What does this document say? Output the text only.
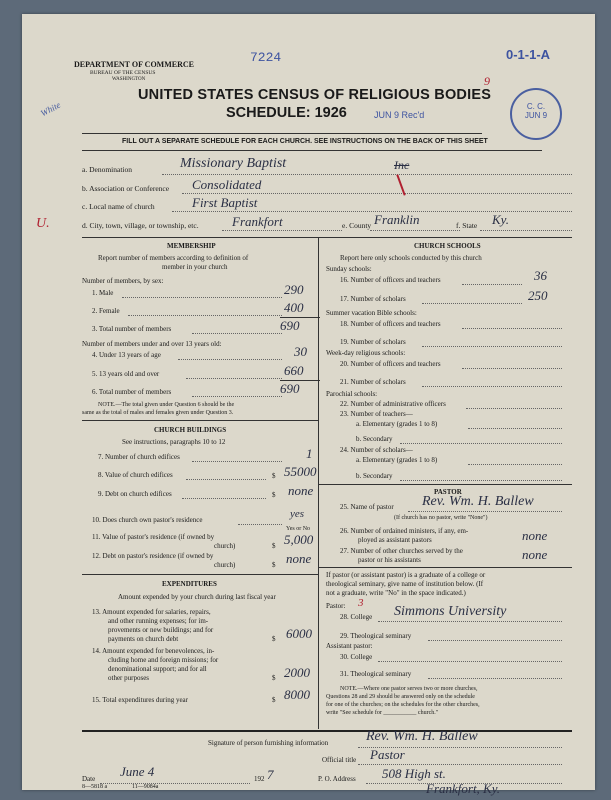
DEPARTMENT OF COMMERCE
BUREAU OF THE CENSUS
WASHINGTON
White
7224	0-1-1-A
9
UNITED STATES CENSUS OF RELIGIOUS BODIES
SCHEDULE: 1926	JUN 9 Rec'd
C. C.
JUN 9
FILL OUT A SEPARATE SCHEDULE FOR EACH CHURCH. SEE INSTRUCTIONS ON THE BACK OF THIS SHEET
a. Denomination	Missionary Baptist	Inc
b. Association or Conference Consolidated
c. Local name of church	First Baptist
U.	d. City, town, village, or township, etc.	Frankfort	e. County Franklin	f. State Ky.
MEMBERSHIP
Report number of members according to definition of
member in your church
Number of members, by sex:
1. Male	290
2. Female	400
3. Total number of members	690
Number of members under and over 13 years old:
4. Under 13 years of age	30
5. 13 years old and over	660
6. Total number of members	690
NOTE.—The total given under Question 6 should be the
same as the total of males and females given under Question 3.
CHURCH BUILDINGS
See instructions, paragraphs 10 to 12
7. Number of church edifices	1
8. Value of church edifices	$ 55000
9. Debt on church edifices	$ none
10. Does church own pastor's residence	yes
Yes or No
11. Value of pastor's residence (if owned by
church)	$ 5,000
12. Debt on pastor's residence (if owned by
church)	$ none
EXPENDITURES
Amount expended by your church during last fiscal year
13. Amount expended for salaries, repairs,
and other running expenses; for im-
provements or new buildings; and for
payments on church debt	$ 6000
14. Amount expended for benevolences, in-
cluding home and foreign missions; for
denominational support; and for all
other purposes	$ 2000
15. Total expenditures during year	$ 8000
CHURCH SCHOOLS
Report here only schools conducted by this church
Sunday schools:
16. Number of officers and teachers	36
17. Number of scholars	250
Summer vacation Bible schools:
18. Number of officers and teachers
19. Number of scholars
Week-day religious schools:
20. Number of officers and teachers
21. Number of scholars
Parochial schools:
22. Number of administrative officers
23. Number of teachers—
a. Elementary (grades 1 to 8)
b. Secondary
24. Number of scholars—
a. Elementary (grades 1 to 8)
b. Secondary
PASTOR
25. Name of pastor Rev. Wm. H. Ballew
(If church has no pastor, write "None")
26. Number of ordained ministers, if any, em-
ployed as assistant pastors	none
27. Number of other churches served by the
pastor or his assistants	none
If pastor (or assistant pastor) is a graduate of a college or
theological seminary, give name of institution below. (If
not a graduate, write "No" in the space indicated.)
Pastor: 3
28. College Simmons University
29. Theological seminary
Assistant pastor:
30. College
31. Theological seminary
NOTE.—Where one pastor serves two or more churches,
Questions 28 and 29 should be answered only on the schedule
for one of the churches; on the schedules for the other churches,
write "See schedule for ___________ church."
Signature of person furnishing information	Rev. Wm. H. Ballew
Official title Pastor
Date June 4	192 7	P. O. Address 508 High st.
Frankfort, Ky.
8—5818 a	11—9084a
